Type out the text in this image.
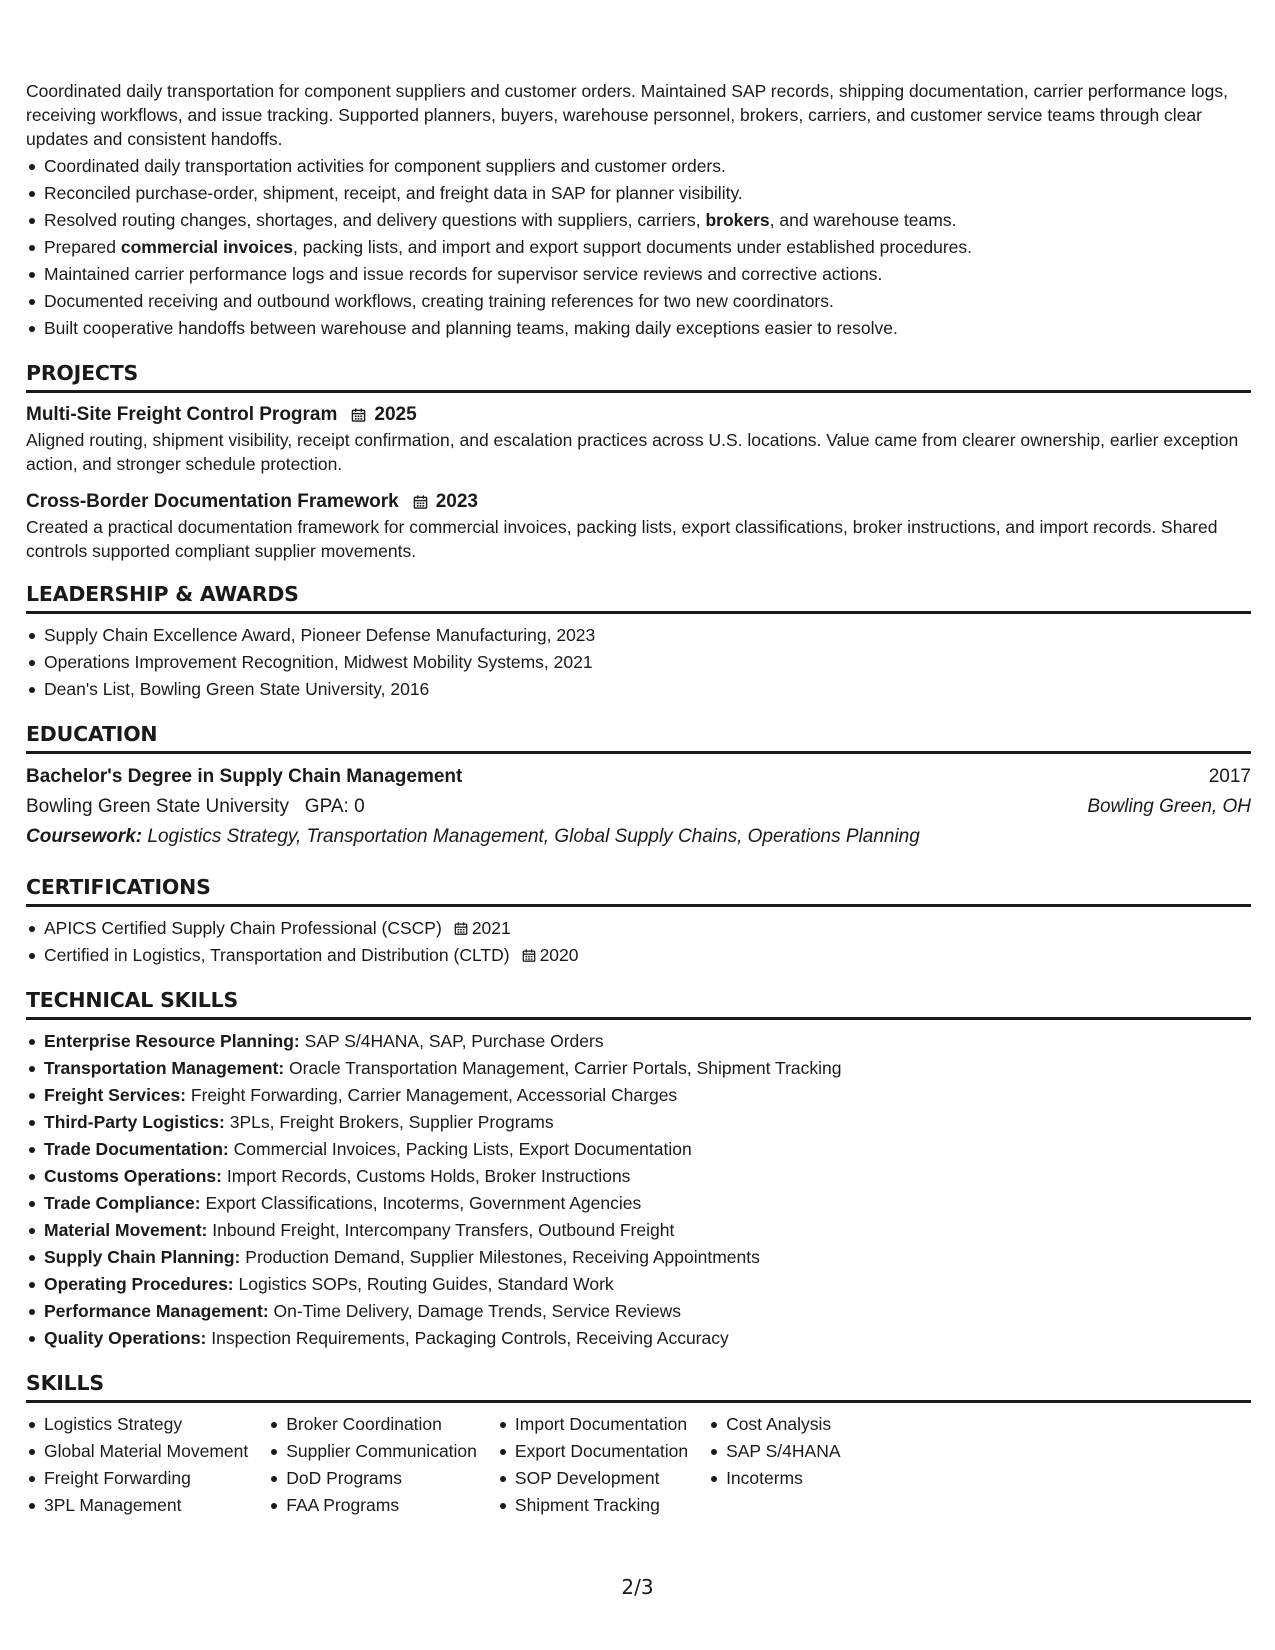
Coordinated daily transportation for component suppliers and customer orders. Maintained SAP records, shipping documentation, carrier performance logs, receiving workflows, and issue tracking. Supported planners, buyers, warehouse personnel, brokers, carriers, and customer service teams through clear updates and consistent handoffs.

Coordinated daily transportation activities for component suppliers and customer orders.
Reconciled purchase-order, shipment, receipt, and freight data in SAP for planner visibility.
Resolved routing changes, shortages, and delivery questions with suppliers, carriers, brokers, and warehouse teams.
Prepared commercial invoices, packing lists, and import and export support documents under established procedures.
Maintained carrier performance logs and issue records for supervisor service reviews and corrective actions.
Documented receiving and outbound workflows, creating training references for two new coordinators.
Built cooperative handoffs between warehouse and planning teams, making daily exceptions easier to resolve.
PROJECTS
Multi-Site Freight Control Program 2025
Aligned routing, shipment visibility, receipt confirmation, and escalation practices across U.S. locations. Value came from clearer ownership, earlier exception action, and stronger schedule protection.
Cross-Border Documentation Framework 2023
Created a practical documentation framework for commercial invoices, packing lists, export classifications, broker instructions, and import records. Shared controls supported compliant supplier movements.
LEADERSHIP & AWARDS
Supply Chain Excellence Award, Pioneer Defense Manufacturing, 2023
Operations Improvement Recognition, Midwest Mobility Systems, 2021
Dean's List, Bowling Green State University, 2016
EDUCATION
Bachelor's Degree in Supply Chain Management	2017
Bowling Green State University GPA: 0	Bowling Green, OH
Coursework: Logistics Strategy, Transportation Management, Global Supply Chains, Operations Planning
CERTIFICATIONS
APICS Certified Supply Chain Professional (CSCP) 2021
Certified in Logistics, Transportation and Distribution (CLTD) 2020
TECHNICAL SKILLS
Enterprise Resource Planning: SAP S/4HANA, SAP, Purchase Orders
Transportation Management: Oracle Transportation Management, Carrier Portals, Shipment Tracking
Freight Services: Freight Forwarding, Carrier Management, Accessorial Charges
Third-Party Logistics: 3PLs, Freight Brokers, Supplier Programs
Trade Documentation: Commercial Invoices, Packing Lists, Export Documentation
Customs Operations: Import Records, Customs Holds, Broker Instructions
Trade Compliance: Export Classifications, Incoterms, Government Agencies
Material Movement: Inbound Freight, Intercompany Transfers, Outbound Freight
Supply Chain Planning: Production Demand, Supplier Milestones, Receiving Appointments
Operating Procedures: Logistics SOPs, Routing Guides, Standard Work
Performance Management: On-Time Delivery, Damage Trends, Service Reviews
Quality Operations: Inspection Requirements, Packaging Controls, Receiving Accuracy
SKILLS
Logistics Strategy
Global Material Movement
Freight Forwarding
3PL Management
Broker Coordination
Supplier Communication
DoD Programs
FAA Programs
Import Documentation
Export Documentation
SOP Development
Shipment Tracking
Cost Analysis
SAP S/4HANA
Incoterms
2/3
